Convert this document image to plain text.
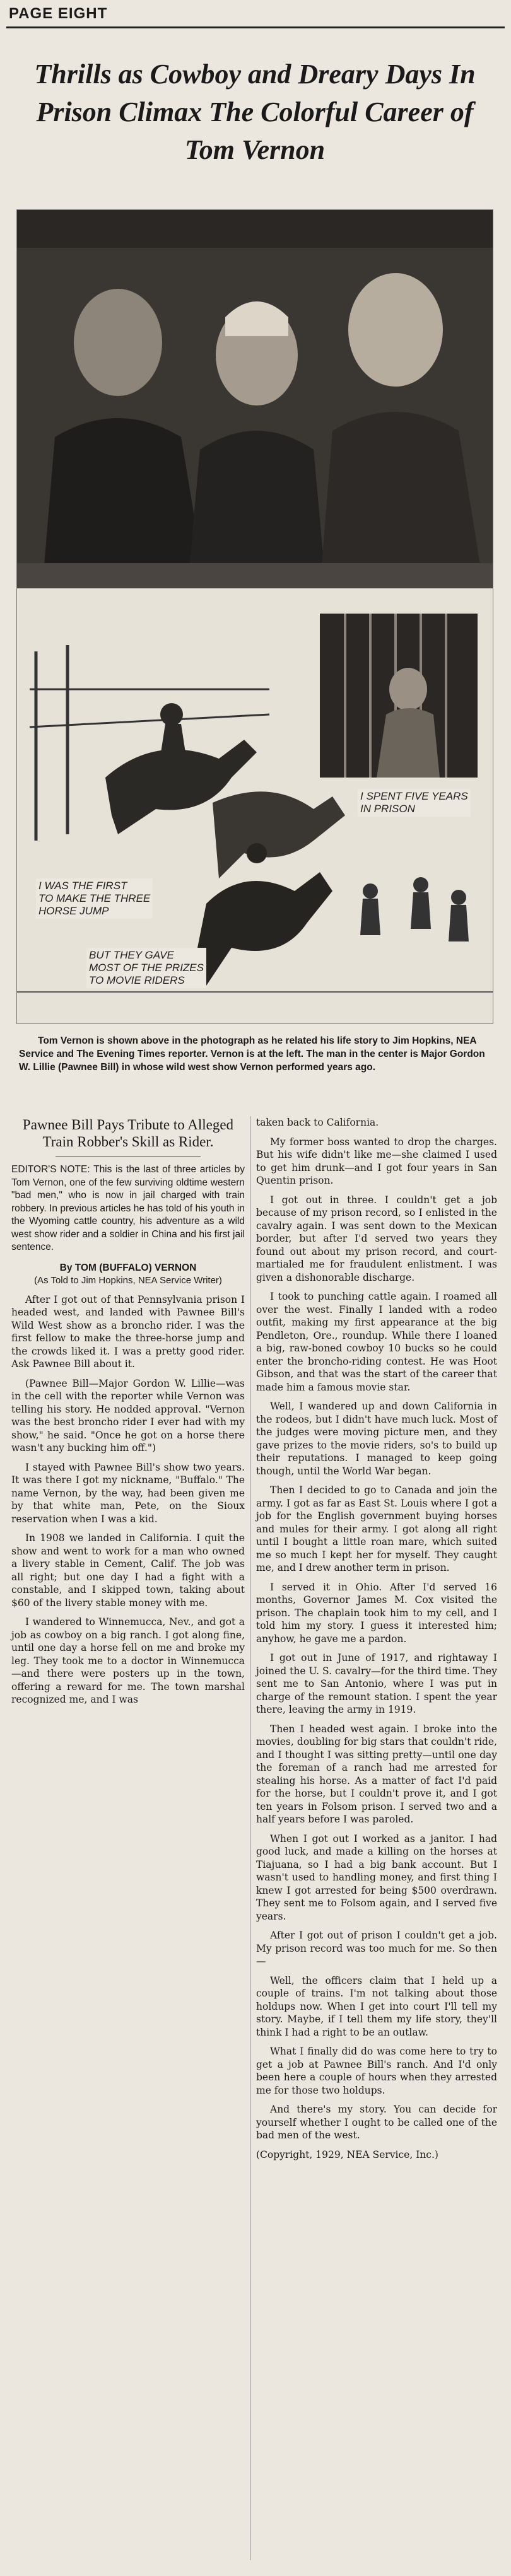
PAGE EIGHT
Thrills as Cowboy and Dreary Days In Prison Climax The Colorful Career of Tom Vernon
I SPENT FIVE YEARS
IN PRISON
I WAS THE FIRST
TO MAKE THE THREE
HORSE JUMP
BUT THEY GAVE
MOST OF THE PRIZES
TO MOVIE RIDERS
Tom Vernon is shown above in the photograph as he related his life story to Jim Hopkins, NEA Service and The Evening Times reporter. Vernon is at the left. The man in the center is Major Gordon W. Lillie (Pawnee Bill) in whose wild west show Vernon performed years ago.
Pawnee Bill Pays Tribute to Alleged Train Robber's Skill as Rider.

EDITOR'S NOTE: This is the last of three articles by Tom Vernon, one of the few surviving oldtime western "bad men," who is now in jail charged with train robbery. In previous articles he has told of his youth in the Wyoming cattle country, his adventure as a wild west show rider and a soldier in China and his first jail sentence.

By TOM (BUFFALO) VERNON

(As Told to Jim Hopkins, NEA Service Writer)

After I got out of that Pennsylvania prison I headed west, and landed with Pawnee Bill's Wild West show as a broncho rider. I was the first fellow to make the three-horse jump and the crowds liked it. I was a pretty good rider. Ask Pawnee Bill about it.

(Pawnee Bill—Major Gordon W. Lillie—was in the cell with the reporter while Vernon was telling his story. He nodded approval. "Vernon was the best broncho rider I ever had with my show," he said. "Once he got on a horse there wasn't any bucking him off.")

I stayed with Pawnee Bill's show two years. It was there I got my nickname, "Buffalo." The name Vernon, by the way, had been given me by that white man, Pete, on the Sioux reservation when I was a kid.

In 1908 we landed in California. I quit the show and went to work for a man who owned a livery stable in Cement, Calif. The job was all right; but one day I had a fight with a constable, and I skipped town, taking about $60 of the livery stable money with me.

I wandered to Winnemucca, Nev., and got a job as cowboy on a big ranch. I got along fine, until one day a horse fell on me and broke my leg. They took me to a doctor in Winnemucca—and there were posters up in the town, offering a reward for me. The town marshal recognized me, and I was

taken back to California.

My former boss wanted to drop the charges. But his wife didn't like me—she claimed I used to get him drunk—and I got four years in San Quentin prison.

I got out in three. I couldn't get a job because of my prison record, so I enlisted in the cavalry again. I was sent down to the Mexican border, but after I'd served two years they found out about my prison record, and court-martialed me for fraudulent enlistment. I was given a dishonorable discharge.

I took to punching cattle again. I roamed all over the west. Finally I landed with a rodeo outfit, making my first appearance at the big Pendleton, Ore., roundup. While there I loaned a big, raw-boned cowboy 10 bucks so he could enter the broncho-riding contest. He was Hoot Gibson, and that was the start of the career that made him a famous movie star.

Well, I wandered up and down California in the rodeos, but I didn't have much luck. Most of the judges were moving picture men, and they gave prizes to the movie riders, so's to build up their reputations. I managed to keep going though, until the World War began.

Then I decided to go to Canada and join the army. I got as far as East St. Louis where I got a job for the English government buying horses and mules for their army. I got along all right until I bought a little roan mare, which suited me so much I kept her for myself. They caught me, and I drew another term in prison.

I served it in Ohio. After I'd served 16 months, Governor James M. Cox visited the prison. The chaplain took him to my cell, and I told him my story. I guess it interested him; anyhow, he gave me a pardon.

I got out in June of 1917, and rightaway I joined the U. S. cavalry—for the third time. They sent me to San Antonio, where I was put in charge of the remount station. I spent the year there, leaving the army in 1919.

Then I headed west again. I broke into the movies, doubling for big stars that couldn't ride, and I thought I was sitting pretty—until one day the foreman of a ranch had me arrested for stealing his horse. As a matter of fact I'd paid for the horse, but I couldn't prove it, and I got ten years in Folsom prison. I served two and a half years before I was paroled.

When I got out I worked as a janitor. I had good luck, and made a killing on the horses at Tiajuana, so I had a big bank account. But I wasn't used to handling money, and first thing I knew I got arrested for being $500 overdrawn. They sent me to Folsom again, and I served five years.

After I got out of prison I couldn't get a job. My prison record was too much for me. So then—

Well, the officers claim that I held up a couple of trains. I'm not talking about those holdups now. When I get into court I'll tell my story. Maybe, if I tell them my life story, they'll think I had a right to be an outlaw.

What I finally did do was come here to try to get a job at Pawnee Bill's ranch. And I'd only been here a couple of hours when they arrested me for those two holdups.

And there's my story. You can decide for yourself whether I ought to be called one of the bad men of the west.

(Copyright, 1929, NEA Service, Inc.)
